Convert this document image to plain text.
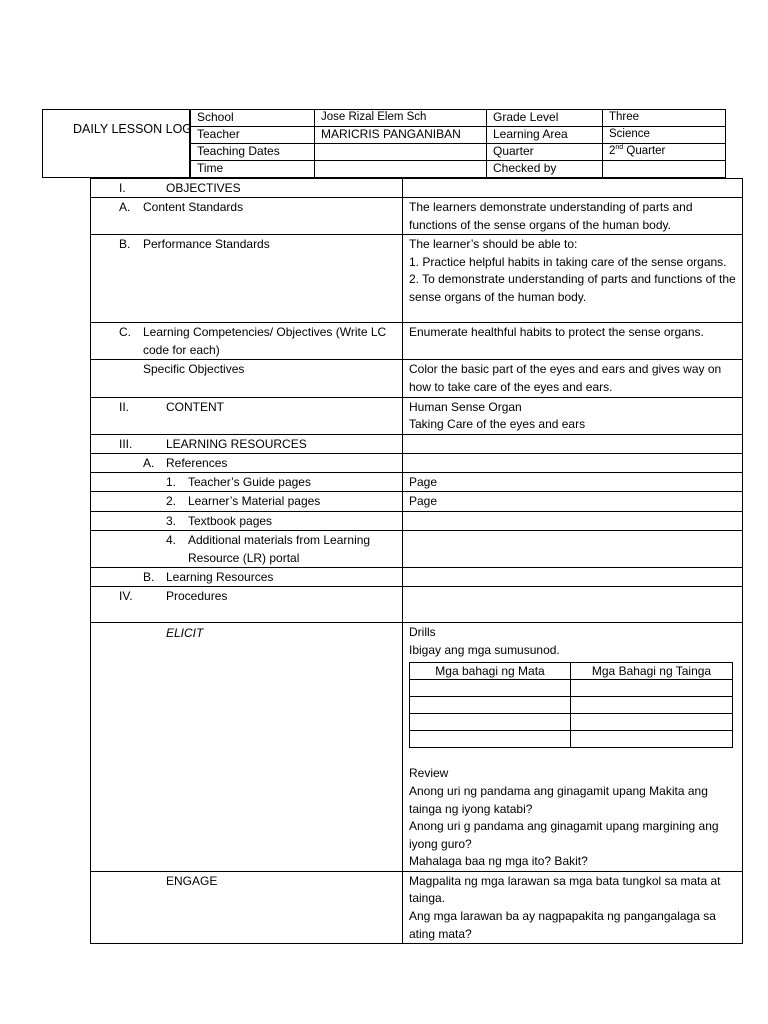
DAILY LESSON LOG
School	Jose Rizal Elem Sch	Grade Level	Three
Teacher	MARICRIS PANGANIBAN	Learning Area	Science
Teaching Dates		Quarter	2nd Quarter
Time		Checked by	
I.	OBJECTIVES

A. Content Standards	The learners demonstrate understanding of parts and functions of the sense organs of the human body.

B. Performance Standards	The learner’s should be able to:
1. Practice helpful habits in taking care of the sense organs.
2. To demonstrate understanding of parts and functions of the sense organs of the human body.

C. Learning Competencies/ Objectives (Write LC code for each)
	Enumerate healthful habits to protect the sense organs.

Specific Objectives	Color the basic part of the eyes and ears and gives way on how to take care of the eyes and ears.

II.	CONTENT	Human Sense Organ
Taking Care of the eyes and ears

III.	LEARNING RESOURCES

A. References

1. Teacher’s Guide pages	Page

2. Learner’s Material pages	Page

3. Textbook pages

4. Additional materials from Learning Resource (LR) portal

B. Learning Resources

IV.	Procedures

ELICIT	Drills
Ibigay ang mga sumusunod.
Mga bahagi ng Mata	Mga Bahagi ng Tainga

Review
Anong uri ng pandama ang ginagamit upang Makita ang tainga ng iyong katabi?
Anong uri g pandama ang ginagamit upang margining ang iyong guro?
Mahalaga baa ng mga ito? Bakit?

ENGAGE	Magpalita ng mga larawan sa mga bata tungkol sa mata at tainga.
Ang mga larawan ba ay nagpapakita ng pangangalaga sa ating mata?
